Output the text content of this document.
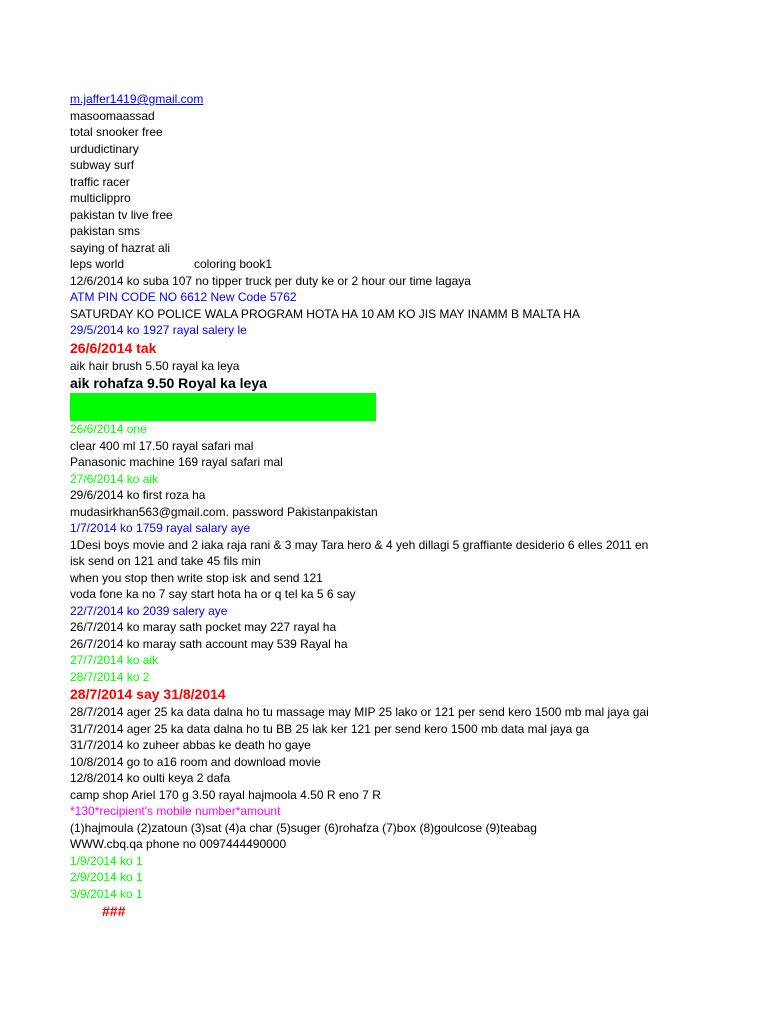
m.jaffer1419@gmail.com
masoomaassad
total snooker free
urdudictinary
subway surf
traffic racer
multiclippro
pakistan tv live free
pakistan sms
saying of hazrat ali
leps world	coloring book1
12/6/2014 ko suba 107 no tipper truck per duty ke or 2 hour our time lagaya
ATM PIN CODE NO 6612 New Code 5762
SATURDAY KO POLICE WALA PROGRAM HOTA HA 10 AM KO JIS MAY INAMM B MALTA HA
29/5/2014 ko 1927 rayal salery le
26/6/2014 tak
aik hair brush 5.50 rayal ka leya
aik rohafza 9.50 Royal ka leya
26/6/2014 one
clear 400 ml 17.50 rayal safari mal
Panasonic machine 169 rayal safari mal
27/6/2014 ko aik
29/6/2014 ko first roza ha
mudasirkhan563@gmail.com. password Pakistanpakistan
1/7/2014 ko 1759 rayal salary aye
1Desi boys movie and 2 iaka raja rani & 3 may Tara hero & 4 yeh dillagi 5 graffiante desiderio 6 elles 2011 en
isk send on 121 and take 45 fils min
when you stop then write stop isk and send 121
voda fone ka no 7 say start hota ha or q tel ka 5 6 say
22/7/2014 ko 2039 salery aye
26/7/2014 ko maray sath pocket may 227 rayal ha
26/7/2014 ko maray sath account may 539 Rayal ha
27/7/2014 ko aik
28/7/2014 ko 2
28/7/2014 say 31/8/2014
28/7/2014 ager 25 ka data dalna ho tu massage may MIP 25 lako or 121 per send kero 1500 mb mal jaya gai
31/7/2014 ager 25 ka data dalna ho tu BB 25 lak ker 121 per send kero 1500 mb data mal jaya ga
31/7/2014 ko zuheer abbas ke death ho gaye
10/8/2014 go to a16 room and download movie
12/8/2014 ko oulti keya 2 dafa
camp shop Ariel 170 g 3.50 rayal hajmoola 4.50 R eno 7 R
*130*recipient's mobile number*amount
(1)hajmoula (2)zatoun (3)sat (4)a char (5)suger (6)rohafza (7)box (8)goulcose (9)teabag
WWW.cbq.qa phone no 0097444490000
1/9/2014 ko 1
2/9/2014 ko 1
3/9/2014 ko 1
###
